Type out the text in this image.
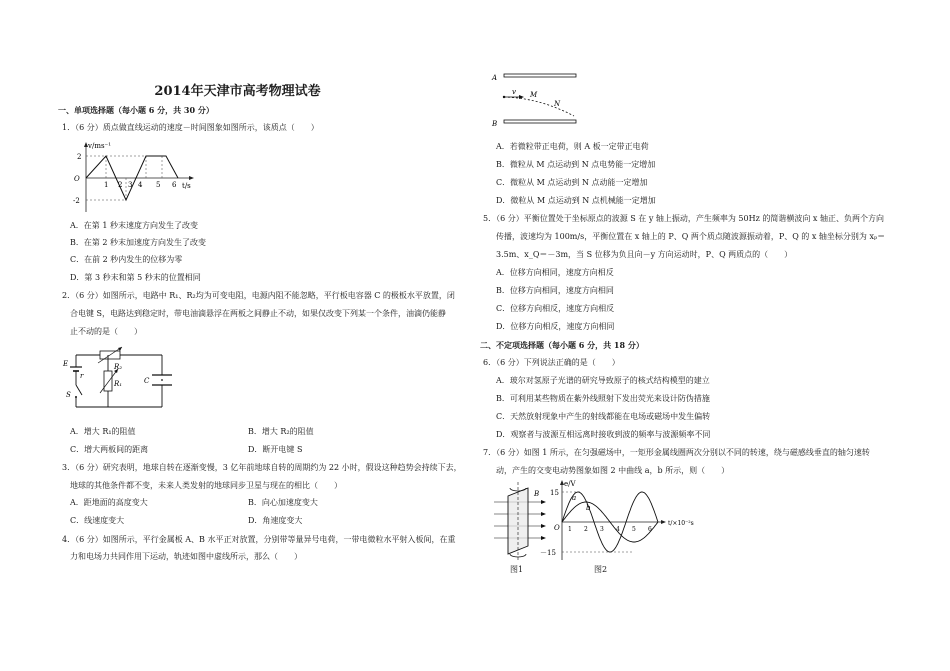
2014年天津市高考物理试卷
一、单项选择题（每小题 6 分，共 30 分）
1．（6 分）质点做直线运动的速度－时间图象如图所示，该质点（　　）
v/ms⁻¹
t/s
O
2
-2
1 2 3 4 5 6
A．在第 1 秒末速度方向发生了改变
B．在第 2 秒末加速度方向发生了改变
C．在前 2 秒内发生的位移为零
D．第 3 秒末和第 5 秒末的位置相同
2．（6 分）如图所示，电路中 R₁、R₂均为可变电阻，电源内阻不能忽略，平行板电容器 C 的极板水平放置，闭
合电键 S，电路达到稳定时，带电油滴悬浮在两板之间静止不动，如果仅改变下列某一个条件，油滴仍能静
止不动的是（　　）
E
r
S
R₂
R₁	C
A．增大 R₁的阻值	B．增大 R₂的阻值
C．增大两板间的距离	D．断开电键 S
3．（6 分）研究表明，地球自转在逐渐变慢，3 亿年前地球自转的周期约为 22 小时，假设这种趋势会持续下去，
地球的其他条件都不变，未来人类发射的地球同步卫星与现在的相比（　　）
A．距地面的高度变大	B．向心加速度变大
C．线速度变大	D．角速度变大
4．（6 分）如图所示，平行金属板 A、B 水平正对放置，分别带等量异号电荷，一带电微粒水平射入板间，在重
力和电场力共同作用下运动，轨迹如图中虚线所示，那么（　　）
A
B
v M
N
A．若微粒带正电荷，则 A 板一定带正电荷
B．微粒从 M 点运动到 N 点电势能一定增加
C．微粒从 M 点运动到 N 点动能一定增加
D．微粒从 M 点运动到 N 点机械能一定增加
5．（6 分）平衡位置处于坐标原点的波源 S 在 y 轴上振动，产生频率为 50Hz 的简谐横波向 x 轴正、负两个方向
传播，波速均为 100m/s，平衡位置在 x 轴上的 P、Q 两个质点随波源振动着，P、Q 的 x 轴坐标分别为 xₚ＝
3.5m、x_Q＝－3m，当 S 位移为负且向－y 方向运动时，P、Q 两质点的（　　）
A．位移方向相同，速度方向相反
B．位移方向相同，速度方向相同
C．位移方向相反，速度方向相反
D．位移方向相反，速度方向相同
二、不定项选择题（每小题 6 分，共 18 分）
6．（6 分）下列说法正确的是（　　）
A．玻尔对氢原子光谱的研究导致原子的核式结构模型的建立
B．可利用某些物质在紫外线照射下发出荧光来设计防伪措施
C．天然放射现象中产生的射线都能在电场或磁场中发生偏转
D．观察者与波源互相远离时接收到波的频率与波源频率不同
7．（6 分）如图 1 所示，在匀强磁场中，一矩形金属线圈两次分别以不同的转速，绕与磁感线垂直的轴匀速转
动，产生的交变电动势图象如图 2 中曲线 a，b 所示，则（　　）
B
图1
e/V
t/×10⁻²s
O
15
－15
1 2 3 4 5 6
a
b
图2
